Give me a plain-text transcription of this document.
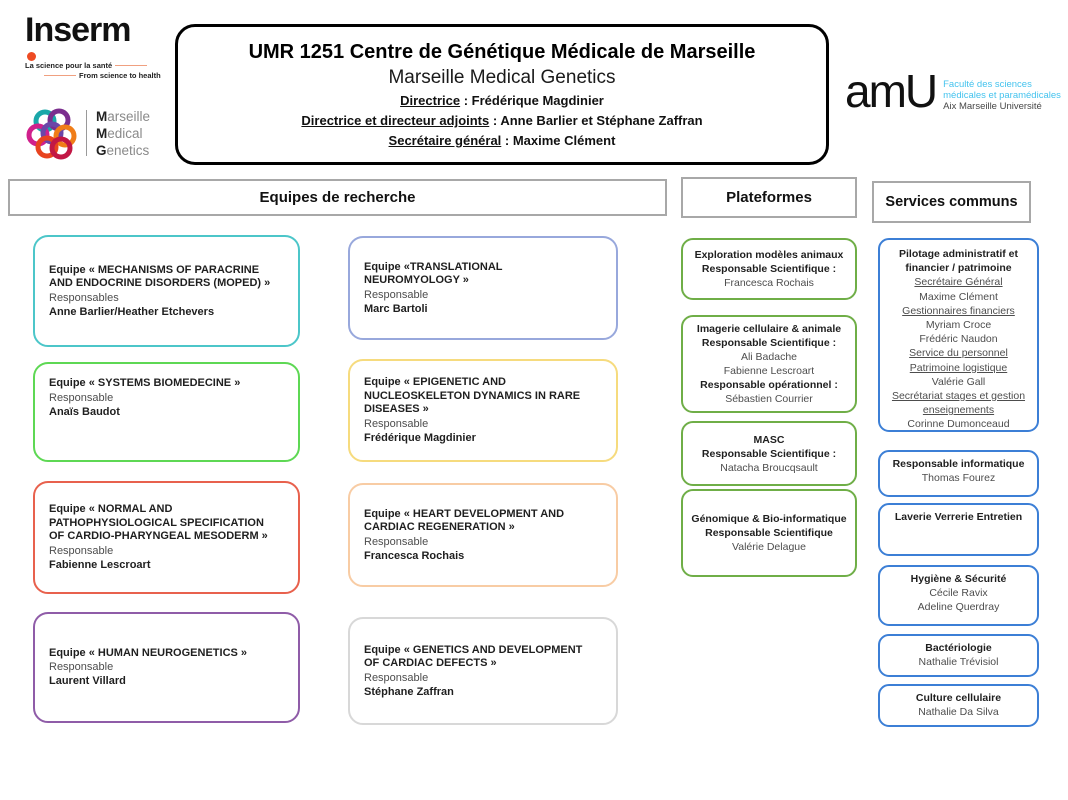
Inserm
La science pour la santé
From science to health
Marseille
Medical
Genetics
UMR 1251 Centre de Génétique Médicale de Marseille
Marseille Medical Genetics
Directrice : Frédérique Magdinier
Directrice et directeur adjoints : Anne Barlier et Stéphane Zaffran
Secrétaire général : Maxime Clément
amU Faculté des sciences
médicales et paramédicales
Aix Marseille Université
Equipes de recherche	Plateformes	Services communs
Equipe « MECHANISMS OF PARACRINE AND ENDOCRINE DISORDERS (MOPED) »
Responsables
Anne Barlier/Heather Etchevers
Equipe « SYSTEMS BIOMEDECINE »
Responsable
Anaïs Baudot
Equipe « NORMAL AND PATHOPHYSIOLOGICAL SPECIFICATION OF CARDIO-PHARYNGEAL MESODERM »
Responsable
Fabienne Lescroart
Equipe « HUMAN NEUROGENETICS »
Responsable
Laurent Villard
Equipe «TRANSLATIONAL NEUROMYOLOGY »
Responsable
Marc Bartoli
Equipe « EPIGENETIC AND NUCLEOSKELETON DYNAMICS IN RARE DISEASES »
Responsable
Frédérique Magdinier
Equipe « HEART DEVELOPMENT AND CARDIAC REGENERATION »
Responsable
Francesca Rochais
Equipe « GENETICS AND DEVELOPMENT OF CARDIAC DEFECTS »
Responsable
Stéphane Zaffran
Exploration modèles animaux
Responsable Scientifique :
Francesca Rochais
Imagerie cellulaire & animale
Responsable Scientifique :
Ali Badache
Fabienne Lescroart
Responsable opérationnel :
Sébastien Courrier
MASC
Responsable Scientifique :
Natacha Broucqsault
Génomique & Bio-informatique
Responsable Scientifique
Valérie Delague
Pilotage administratif et financier / patrimoine
Secrétaire Général
Maxime Clément
Gestionnaires financiers
Myriam Croce
Frédéric Naudon
Service du personnel
Patrimoine logistique
Valérie Gall
Secrétariat stages et gestion enseignements
Corinne Dumonceaud
Responsable informatique
Thomas Fourez
Laverie Verrerie Entretien
Hygiène & Sécurité
Cécile Ravix
Adeline Querdray
Bactériologie
Nathalie Trévisiol
Culture cellulaire
Nathalie Da Silva
